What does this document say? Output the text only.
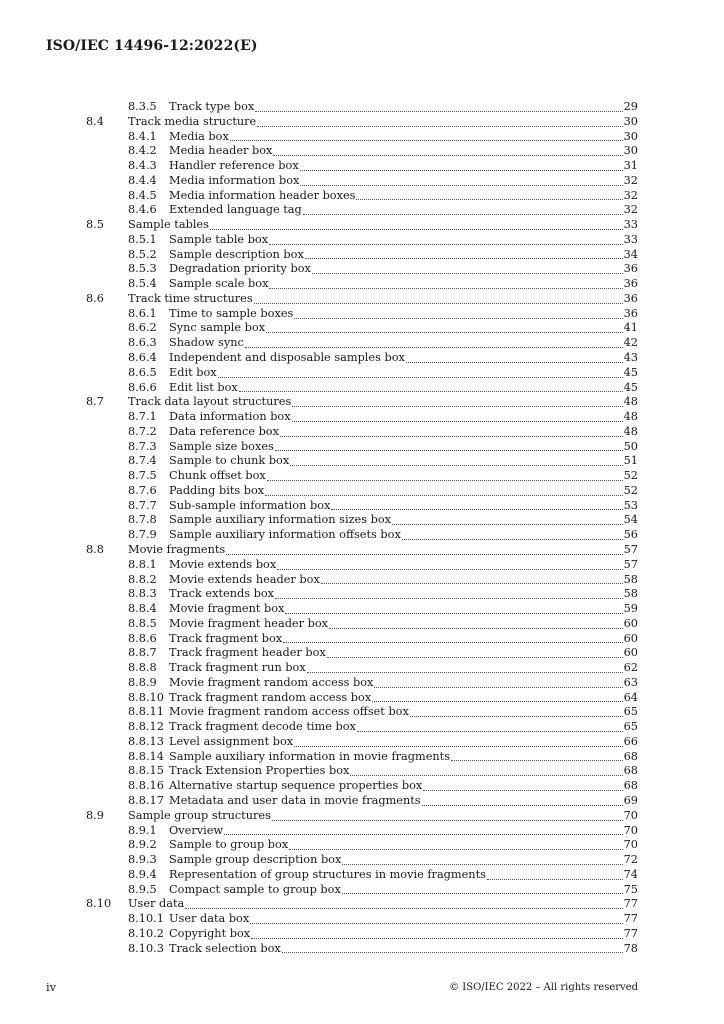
ISO/IEC 14496-12:2022(E)
8.3.5 Track type box	29
8.4 Track media structure	30
8.4.1 Media box	30
8.4.2 Media header box	30
8.4.3 Handler reference box	31
8.4.4 Media information box	32
8.4.5 Media information header boxes	32
8.4.6 Extended language tag	32
8.5 Sample tables	33
8.5.1 Sample table box	33
8.5.2 Sample description box	34
8.5.3 Degradation priority box	36
8.5.4 Sample scale box	36
8.6 Track time structures	36
8.6.1 Time to sample boxes	36
8.6.2 Sync sample box	41
8.6.3 Shadow sync	42
8.6.4 Independent and disposable samples box	43
8.6.5 Edit box	45
8.6.6 Edit list box	45
8.7 Track data layout structures	48
8.7.1 Data information box	48
8.7.2 Data reference box	48
8.7.3 Sample size boxes	50
8.7.4 Sample to chunk box	51
8.7.5 Chunk offset box	52
8.7.6 Padding bits box	52
8.7.7 Sub-sample information box	53
8.7.8 Sample auxiliary information sizes box	54
8.7.9 Sample auxiliary information offsets box	56
8.8 Movie fragments	57
8.8.1 Movie extends box	57
8.8.2 Movie extends header box	58
8.8.3 Track extends box	58
8.8.4 Movie fragment box	59
8.8.5 Movie fragment header box	60
8.8.6 Track fragment box	60
8.8.7 Track fragment header box	60
8.8.8 Track fragment run box	62
8.8.9 Movie fragment random access box	63
8.8.10 Track fragment random access box	64
8.8.11 Movie fragment random access offset box	65
8.8.12 Track fragment decode time box	65
8.8.13 Level assignment box	66
8.8.14 Sample auxiliary information in movie fragments	68
8.8.15 Track Extension Properties box	68
8.8.16 Alternative startup sequence properties box	68
8.8.17 Metadata and user data in movie fragments	69
8.9 Sample group structures	70
8.9.1 Overview	70
8.9.2 Sample to group box	70
8.9.3 Sample group description box	72
8.9.4 Representation of group structures in movie fragments	74
8.9.5 Compact sample to group box	75
8.10 User data	77
8.10.1 User data box	77
8.10.2 Copyright box	77
8.10.3 Track selection box	78
iv	© ISO/IEC 2022 – All rights reserved
